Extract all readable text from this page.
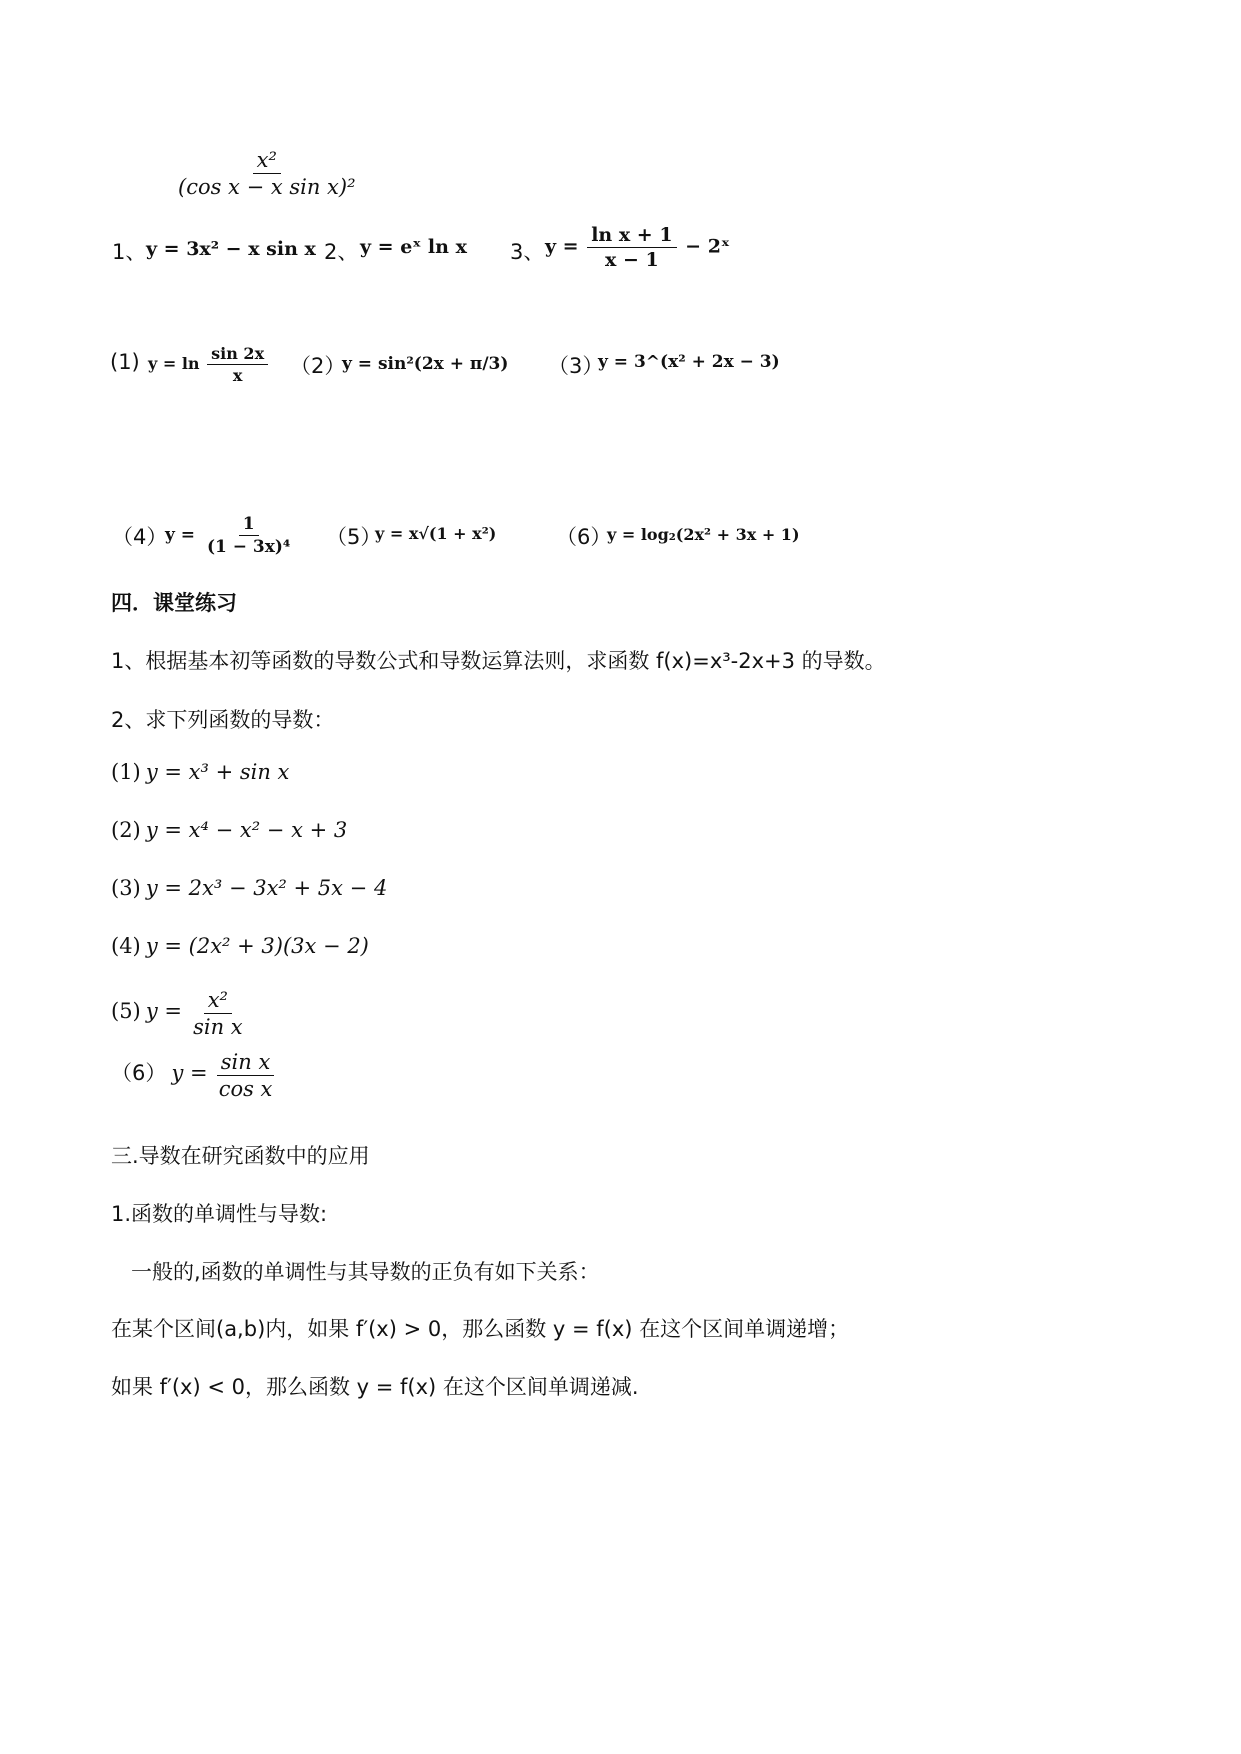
$\frac{\text{x²}}{\text{(cos x − x sin x)²}}$
1、 y = 3x² − x sin x 2、 y = eˣ ln x 3、 $y = \frac{\text{ln x + 1}}{x - 1}$ − 2ˣ
(1) $y = \ln \frac{\sin 2x}{x} (2)$
y = sin²(2x + π/3) （3）
y = 3^(x² + 2x − 3)
（4）
$y = \frac{1}{\text{(1 − 3x)⁴}} (5)$
y = x√(1 + x²)	（6）
y = log₂(2x² + 3x + 1)
四．课堂练习
1、根据基本初等函数的导数公式和导数运算法则，求函数 f(x)=x³-2x+3 的导数。
2、求下列函数的导数：
(1) y = x³ + sin x
(2) y = x⁴ − x² − x + 3
(3) y = 2x³ − 3x² + 5x − 4
(4) y = (2x² + 3)(3x − 2)
(5) $y = \frac{\text{x²}}{\text{sin x}}$
（6） $y = \frac{\text{sin x}}{\text{cos x}}$
三.导数在研究函数中的应用
1.函数的单调性与导数:
一般的,函数的单调性与其导数的正负有如下关系：
在某个区间(a,b)内，如果 f′(x) > 0，那么函数 y = f(x) 在这个区间单调递增；
如果 f′(x) < 0，那么函数 y = f(x) 在这个区间单调递减.
